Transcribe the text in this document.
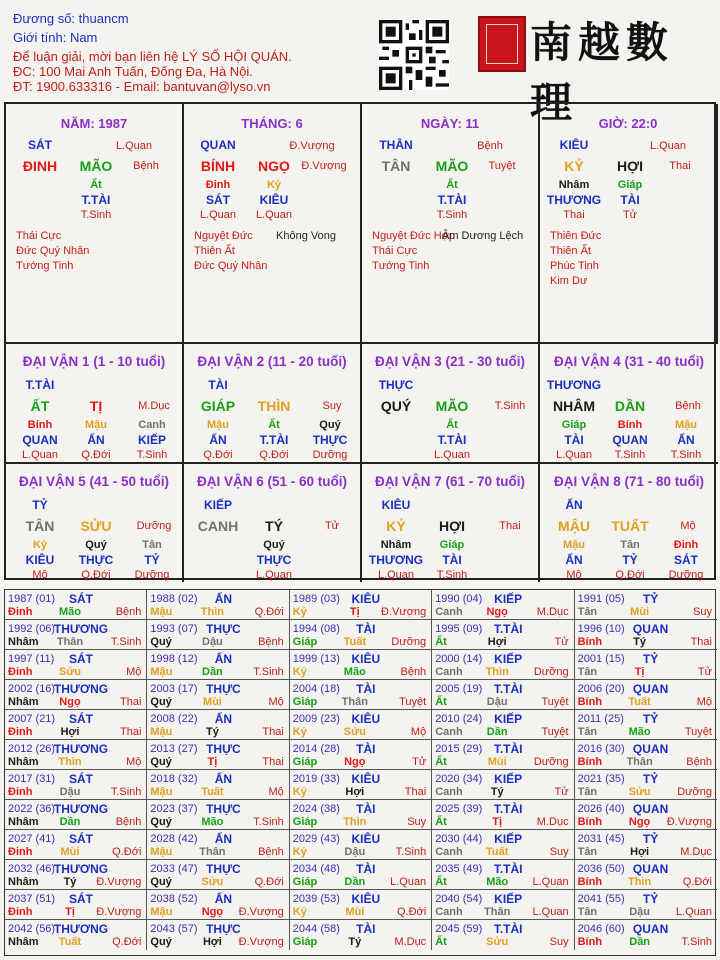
Đương số: thuancm
Giới tính: Nam
Để luận giải, mời bạn liên hệ LÝ SỐ HỘI QUÁN.
ĐC: 100 Mai Anh Tuấn, Đống Đa, Hà Nội.
ĐT: 1900.633316 - Email: bantuvan@lyso.vn
南越數理
NĂM: 1987
SÁT	L.Quan
ĐINH MÃO Bệnh
Ất
T.TÀI
T.Sinh
Thái Cực
Đức Quý Nhân
Tướng Tinh
THÁNG: 6
QUAN	Đ.Vượng
BÍNH NGỌ Đ.Vượng
Đinh
SÁT
L.Quan
Kỷ
KIÊU
L.Quan
Nguyệt Đức
Thiên Ất
Đức Quý Nhân
Không Vong
NGÀY: 11
THÂN	Bệnh
TÂN MÃO Tuyệt
Ất
T.TÀI
T.Sinh
Nguyệt Đức Hợp
Thái Cực
Tướng Tinh
Âm Dương Lệch
GIỜ: 22:0
KIÊU	L.Quan
KỶ HỢI Thai
Nhâm
THƯƠNG
Thai
Giáp
TÀI
Tử
Thiên Đức
Thiên Ất
Phúc Tinh
Kim Dư
ĐẠI VẬN 1 (1 - 10 tuổi)
T.TÀI
ẤT	TỊ	M.Dục
Bính
QUAN
L.Quan
Mậu
ẤN
Q.Đới
Canh
KIẾP
T.Sinh
ĐẠI VẬN 2 (11 - 20 tuổi)
TÀI
GIÁP THÌN	Suy
Mậu
ẤN
Q.Đới
Ất
T.TÀI
Q.Đới
Quý
THỰC
Dưỡng
ĐẠI VẬN 3 (21 - 30 tuổi)
THỰC
QUÝ MÃO T.Sinh
Ất
T.TÀI
L.Quan
ĐẠI VẬN 4 (31 - 40 tuổi)
THƯƠNG
NHÂM DẦN	Bệnh
Giáp
TÀI
L.Quan
Bính
QUAN
T.Sinh
Mậu
ẤN
T.Sinh
ĐẠI VẬN 5 (41 - 50 tuổi)
TỶ
TÂN SỬU Dưỡng
Kỷ
KIÊU
Mộ
Quý
THỰC
Q.Đới
Tân
TỶ
Dưỡng
ĐẠI VẬN 6 (51 - 60 tuổi)
KIẾP
CANH TÝ	Tử
Quý
THỰC
L.Quan
ĐẠI VẬN 7 (61 - 70 tuổi)
KIÊU
KỶ HỢI	Thai
Nhâm
THƯƠNG
L.Quan
Giáp
TÀI
T.Sinh
ĐẠI VẬN 8 (71 - 80 tuổi)
ẤN
MẬU TUẤT	Mộ
Mậu
ẤN
Mộ
Tân
TỶ
Q.Đới
Đinh
SÁT
Dưỡng
1987 (01) SÁT
Đinh Mão	Bệnh
1988 (02) ẤN
Mậu	Thìn	Q.Đới
1989 (03) KIÊU
Kỷ	Tị Đ.Vượng
1990 (04) KIẾP
Canh Ngọ	M.Dục
1991 (05) TỶ
Tân	Mùi	Suy
1992 (06)
THƯƠNG
Nhâm Thân	T.Sinh
1993 (07) THỰC
Quý	Dậu	Bệnh
1994 (08) TÀI
Giáp Tuất Dưỡng
1995 (09) T.TÀI
Ất	Hợi	Tử
1996 (10) QUAN
Bính	Tý	Thai
1997 (11) SÁT
Đinh Sửu	Mộ
1998 (12) ẤN
Mậu	Dần	T.Sinh
1999 (13) KIÊU
Kỷ	Mão	Bệnh
2000 (14) KIẾP
Canh Thìn Dưỡng
2001 (15) TỶ
Tân	Tị	Tử
2002 (16)
THƯƠNG
Nhâm Ngọ	Thai
2003 (17) THỰC
Quý	Mùi	Mộ
2004 (18) TÀI
Giáp Thân	Tuyệt
2005 (19) T.TÀI
Ất	Dậu	Tuyệt
2006 (20) QUAN
Bính Tuất	Mộ
2007 (21) SÁT
Đinh	Hợi	Thai
2008 (22) ẤN
Mậu	Tý	Thai
2009 (23) KIÊU
Kỷ	Sửu	Mộ
2010 (24) KIẾP
Canh Dần	Tuyệt
2011 (25) TỶ
Tân	Mão	Tuyệt
2012 (26)
THƯƠNG
Nhâm Thìn	Mộ
2013 (27) THỰC
Quý	Tị	Thai
2014 (28) TÀI
Giáp Ngọ	Tử
2015 (29) T.TÀI
Ất	Mùi Dưỡng
2016 (30) QUAN
Bính Thân	Bệnh
2017 (31) SÁT
Đinh Dậu	T.Sinh
2018 (32) ẤN
Mậu	Tuất	Mộ
2019 (33) KIÊU
Kỷ	Hợi	Thai
2020 (34) KIẾP
Canh	Tý	Tử
2021 (35) TỶ
Tân	Sửu Dưỡng
2022 (36)
THƯƠNG
Nhâm Dần	Bệnh
2023 (37) THỰC
Quý	Mão	T.Sinh
2024 (38) TÀI
Giáp Thìn	Suy
2025 (39) T.TÀI
Ất	Tị	M.Dục
2026 (40) QUAN
Bính Ngọ Đ.Vượng
2027 (41) SÁT
Đinh	Mùi	Q.Đới
2028 (42) ẤN
Mậu Thân	Bệnh
2029 (43) KIÊU
Kỷ	Dậu	T.Sinh
2030 (44) KIẾP
Canh Tuất	Suy
2031 (45) TỶ
Tân	Hợi	M.Dục
2032 (46)
THƯƠNG
Nhâm Tý Đ.Vượng
2033 (47) THỰC
Quý	Sửu	Q.Đới
2034 (48) TÀI
Giáp Dần L.Quan
2035 (49) T.TÀI
Ất	Mão L.Quan
2036 (50) QUAN
Bính Thìn	Q.Đới
2037 (51) SÁT
Đinh	Tị Đ.Vượng
2038 (52) ẤN
Mậu	Ngọ Đ.Vượng
2039 (53) KIÊU
Kỷ	Mùi	Q.Đới
2040 (54) KIẾP
Canh Thân L.Quan
2041 (55) TỶ
Tân	Dậu L.Quan
2042 (56)
THƯƠNG
Nhâm Tuất	Q.Đới
2043 (57) THỰC
Quý	Hợi Đ.Vượng
2044 (58) TÀI
Giáp	Tý	M.Dục
2045 (59) T.TÀI
Ất	Sửu	Suy
2046 (60) QUAN
Bính Dần	T.Sinh
